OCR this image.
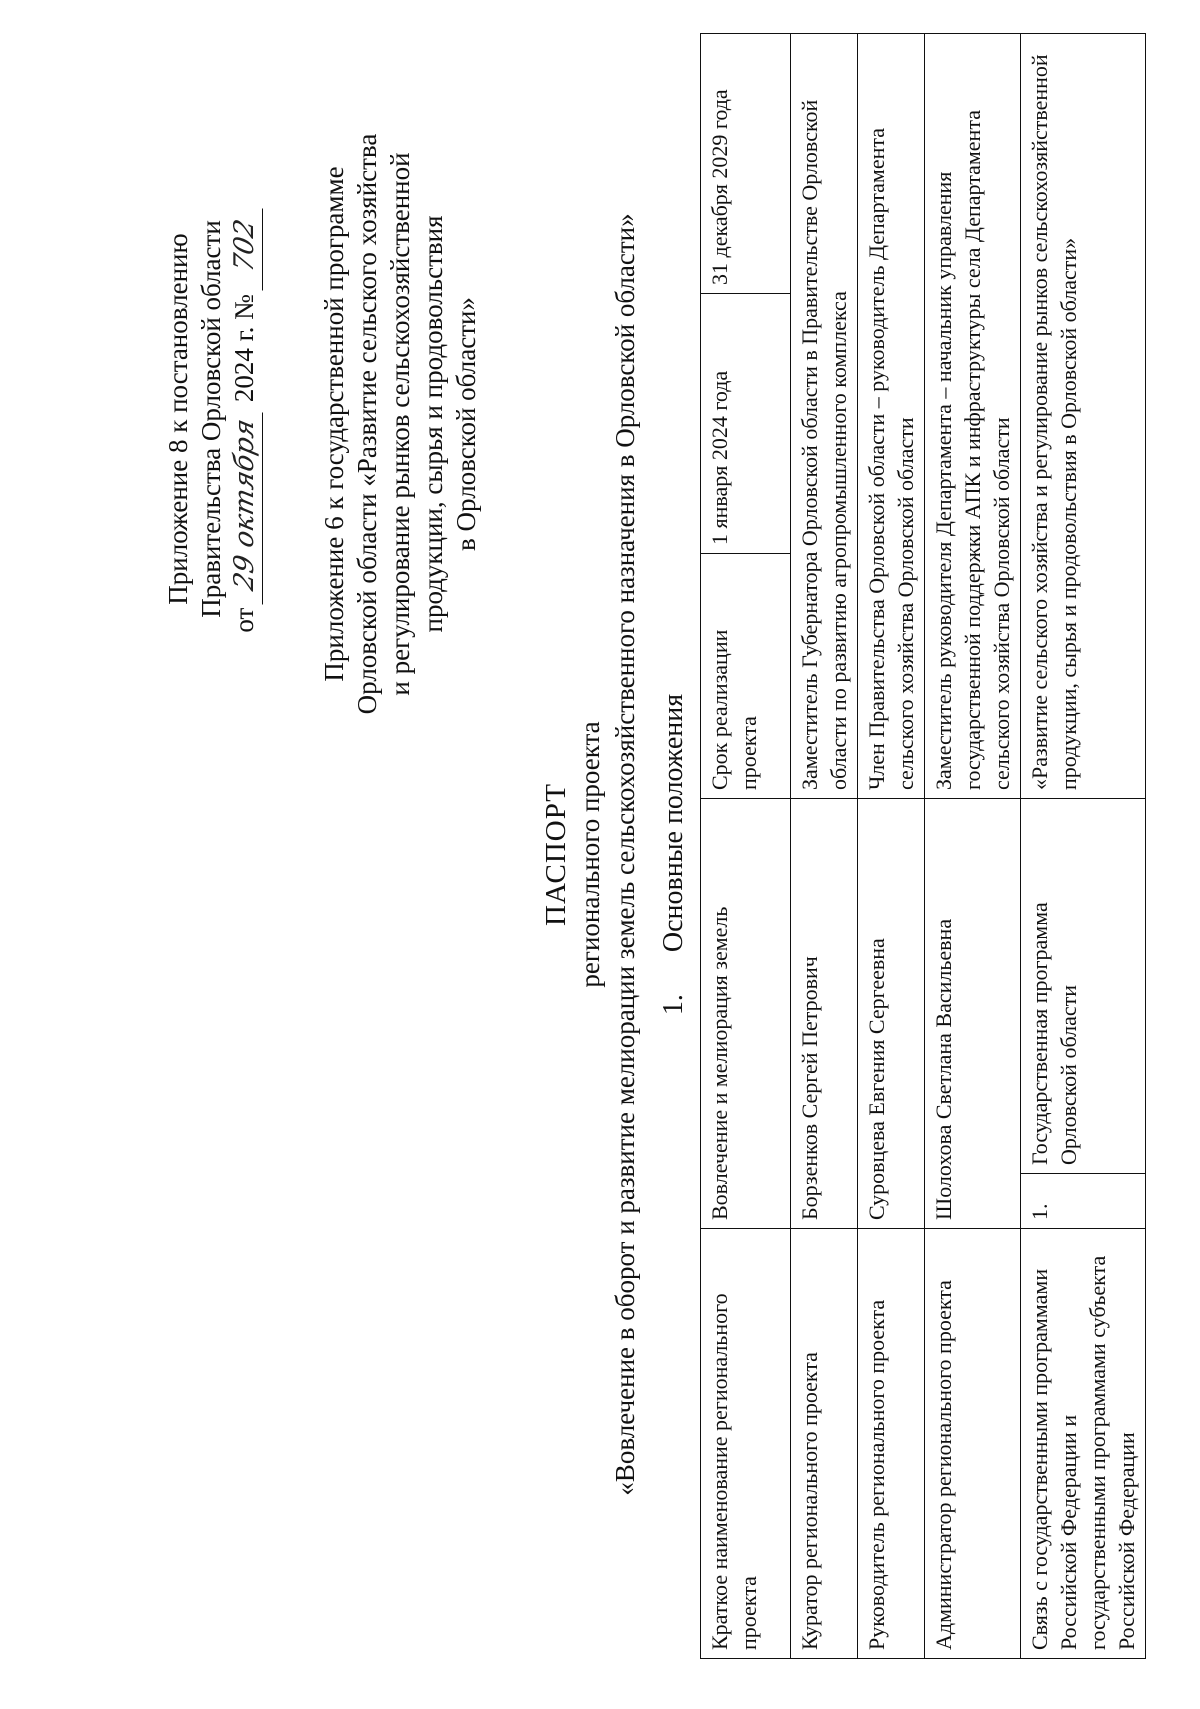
Приложение 8 к постановлению Правительства Орловской области
от 29 октября 2024 г. № 702 Приложение 6 к государственной программе Орловской области «Развитие сельского хозяйства и регулирование рынков сельскохозяйственной продукции, сырья и продовольствия в Орловской области»
ПАСПОРТ регионального проекта «Вовлечение в оборот и развитие мелиорации земель сельскохозяйственного назначения в Орловской области» 1.      Основные положения
Краткое наименование регионального проекта	Вовлечение и мелиорация земель		Срок реализации проекта	1 января 2024 года	31 декабря 2029 года
Куратор регионального проекта	Борзенков Сергей Петрович		Заместитель Губернатора Орловской области в Правительстве Орловской области по развитию агропромышленного комплекса		
Руководитель регионального проекта	Суровцева Евгения Сергеевна		Член Правительства Орловской области – руководитель Департамента сельского хозяйства Орловской области		
Администратор регионального проекта	Шолохова Светлана Васильевна		Заместитель руководителя Департамента – начальник управления государственной поддержки АПК и инфраструктуры села Департамента сельского хозяйства Орловской области		
Связь с государственными программами Российской Федерации и государственными программами субъекта Российской Федерации	1.	Государственная программа Орловской области	«Развитие сельского хозяйства и регулирование рынков сельскохозяйственной продукции, сырья и продовольствия в Орловской области»		
